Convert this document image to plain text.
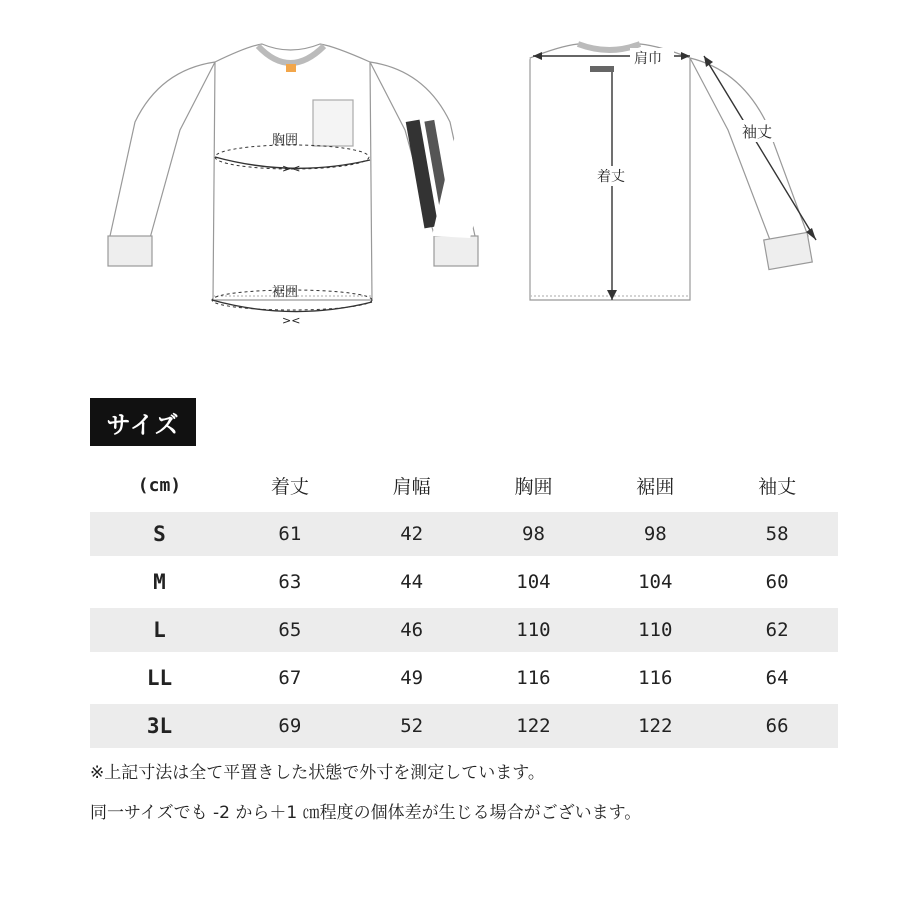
胸囲
><
裾囲
><
肩巾
着丈
袖丈
サイズ
(cm)	着丈	肩幅	胸囲	裾囲	袖丈
S	61	42	98	98	58
M	63	44	104	104	60
L	65	46	110	110	62
LL	67	49	116	116	64
3L	69	52	122	122	66
※上記寸法は全て平置きした状態で外寸を測定しています。
同一サイズでも -2 から＋1 ㎝程度の個体差が生じる場合がございます。
